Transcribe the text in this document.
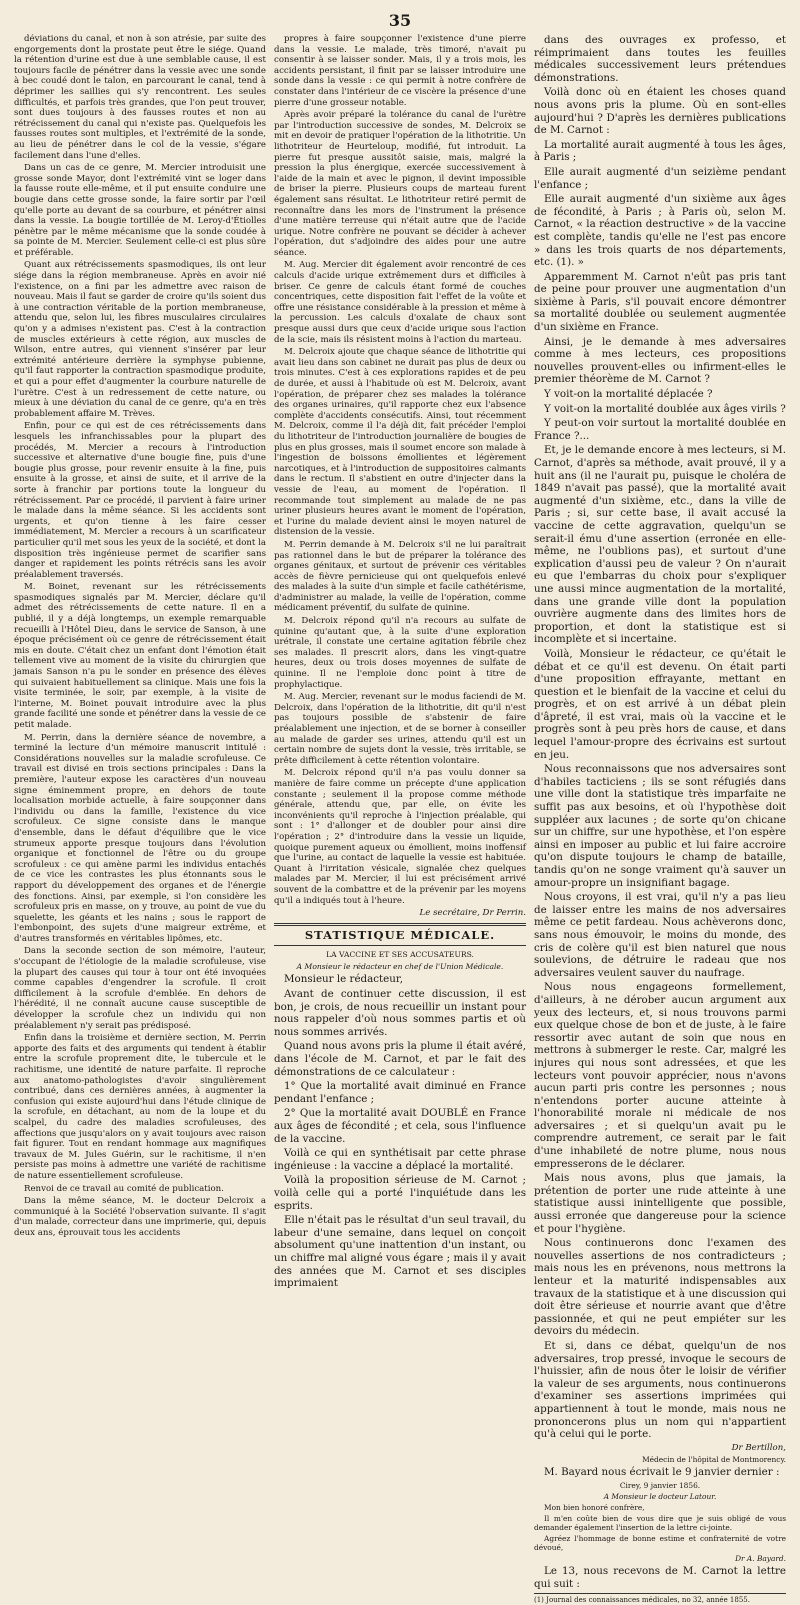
35

déviations du canal, et non à son atrésie, par suite des engorgements dont la prostate peut être le siége. Quand la rétention d'urine est due à une semblable cause, il est toujours facile de pénétrer dans la vessie avec une sonde à bec coudé dont le talon, en parcourant le canal, tend à déprimer les saillies qui s'y rencontrent. Les seules difficultés, et parfois très grandes, que l'on peut trouver, sont dues toujours à des fausses routes et non au rétrécissement du canal qui n'existe pas. Quelquefois les fausses routes sont multiples, et l'extrémité de la sonde, au lieu de pénétrer dans le col de la vessie, s'égare facilement dans l'une d'elles.

Dans un cas de ce genre, M. Mercier introduisit une grosse sonde Mayor, dont l'extrémité vint se loger dans la fausse route elle-même, et il put ensuite conduire une bougie dans cette grosse sonde, la faire sortir par l'œil qu'elle porte au devant de sa courbure, et pénétrer ainsi dans la vessie. La bougie tortillée de M. Leroy-d'Étiolles pénètre par le même mécanisme que la sonde coudée à sa pointe de M. Mercier. Seulement celle-ci est plus sûre et préférable.

Quant aux rétrécissements spasmodiques, ils ont leur siége dans la région membraneuse. Après en avoir nié l'existence, on a fini par les admettre avec raison de nouveau. Mais il faut se garder de croire qu'ils soient dus à une contraction véritable de la portion membraneuse, attendu que, selon lui, les fibres musculaires circulaires qu'on y a admises n'existent pas. C'est à la contraction de muscles extérieurs à cette région, aux muscles de Wilson, entre autres, qui viennent s'insérer par leur extrémité antérieure derrière la symphyse pubienne, qu'il faut rapporter la contraction spasmodique produite, et qui a pour effet d'augmenter la courbure naturelle de l'urètre. C'est à un redressement de cette nature, ou mieux à une déviation du canal de ce genre, qu'a en très probablement affaire M. Trèves.

Enfin, pour ce qui est de ces rétrécissements dans lesquels les infranchissables pour la plupart des procédés, M. Mercier a recours à l'introduction successive et alternative d'une bougie fine, puis d'une bougie plus grosse, pour revenir ensuite à la fine, puis ensuite à la grosse, et ainsi de suite, et il arrive de la sorte à franchir par portions toute la longueur du rétrécissement. Par ce procédé, il parvient à faire uriner le malade dans la même séance. Si les accidents sont urgents, et qu'on tienne à les faire cesser immédiatement, M. Mercier a recours à un scarificateur particulier qu'il met sous les yeux de la société, et dont la disposition très ingénieuse permet de scarifier sans danger et rapidement les points rétrécis sans les avoir préalablement traversés.

M. Boinet, revenant sur les rétrécissements spasmodiques signalés par M. Mercier, déclare qu'il admet des rétrécissements de cette nature. Il en a publié, il y a déjà longtemps, un exemple remarquable recueilli à l'Hôtel Dieu, dans le service de Sanson, à une époque précisément où ce genre de rétrécissement était mis en doute. C'était chez un enfant dont l'émotion était tellement vive au moment de la visite du chirurgien que jamais Sanson n'a pu le sonder en présence des élèves qui suivaient habituellement sa clinique. Mais une fois la visite terminée, le soir, par exemple, à la visite de l'interne, M. Boinet pouvait introduire avec la plus grande facilité une sonde et pénétrer dans la vessie de ce petit malade.

M. Perrin, dans la dernière séance de novembre, a terminé la lecture d'un mémoire manuscrit intitulé : Considérations nouvelles sur la maladie scrofuleuse. Ce travail est divisé en trois sections principales : Dans la première, l'auteur expose les caractères d'un nouveau signe éminemment propre, en dehors de toute localisation morbide actuelle, à faire soupçonner dans l'individu ou dans la famille, l'existence du vice scrofuleux. Ce signe consiste dans le manque d'ensemble, dans le défaut d'équilibre que le vice strumeux apporte presque toujours dans l'évolution organique et fonctionnel de l'être ou du groupe scrofuleux : ce qui amène parmi les individus entachés de ce vice les contrastes les plus étonnants sous le rapport du développement des organes et de l'énergie des fonctions. Ainsi, par exemple, si l'on considère les scrofuleux pris en masse, on y trouve, au point de vue du squelette, les géants et les nains ; sous le rapport de l'embonpoint, des sujets d'une maigreur extrême, et d'autres transformés en véritables lipômes, etc.

Dans la seconde section de son mémoire, l'auteur, s'occupant de l'étiologie de la maladie scrofuleuse, vise la plupart des causes qui tour à tour ont été invoquées comme capables d'engendrer la scrofule. Il croit difficilement à la scrofule d'emblée. En dehors de l'hérédité, il ne connaît aucune cause susceptible de développer la scrofule chez un individu qui non préalablement n'y serait pas prédisposé.

Enfin dans la troisième et dernière section, M. Perrin apporte des faits et des arguments qui tendent à établir entre la scrofule proprement dite, le tubercule et le rachitisme, une identité de nature parfaite. Il reproche aux anatomo-pathologistes d'avoir singulièrement contribué, dans ces dernières années, à augmenter la confusion qui existe aujourd'hui dans l'étude clinique de la scrofule, en détachant, au nom de la loupe et du scalpel, du cadre des maladies scrofuleuses, des affections que jusqu'alors on y avait toujours avec raison fait figurer. Tout en rendant hommage aux magnifiques travaux de M. Jules Guérin, sur le rachitisme, il n'en persiste pas moins à admettre une variété de rachitisme de nature essentiellement scrofuleuse.

Renvoi de ce travail au comité de publication.

Dans la même séance, M. le docteur Delcroix a communiqué à la Société l'observation suivante. Il s'agit d'un malade, correcteur dans une imprimerie, qui, depuis deux ans, éprouvait tous les accidents

propres à faire soupçonner l'existence d'une pierre dans la vessie. Le malade, très timoré, n'avait pu consentir à se laisser sonder. Mais, il y a trois mois, les accidents persistant, il finit par se laisser introduire une sonde dans la vessie : ce qui permit à notre confrère de constater dans l'intérieur de ce viscère la présence d'une pierre d'une grosseur notable.

Après avoir préparé la tolérance du canal de l'urètre par l'introduction successive de sondes, M. Delcroix se mit en devoir de pratiquer l'opération de la lithotritie. Un lithotriteur de Heurteloup, modifié, fut introduit. La pierre fut presque aussitôt saisie, mais, malgré la pression la plus énergique, exercée successivement à l'aide de la main et avec le pignon, il devint impossible de briser la pierre. Plusieurs coups de marteau furent également sans résultat. Le lithotriteur retiré permit de reconnaître dans les mors de l'instrument la présence d'une matière terreuse qui n'était autre que de l'acide urique. Notre confrère ne pouvant se décider à achever l'opération, dut s'adjoindre des aides pour une autre séance.

M. Aug. Mercier dit également avoir rencontré de ces calculs d'acide urique extrêmement durs et difficiles à briser. Ce genre de calculs étant formé de couches concentriques, cette disposition fait l'effet de la voûte et offre une résistance considérable à la pression et même à la percussion. Les calculs d'oxalate de chaux sont presque aussi durs que ceux d'acide urique sous l'action de la scie, mais ils résistent moins à l'action du marteau.

M. Delcroix ajoute que chaque séance de lithotritie qui avait lieu dans son cabinet ne durait pas plus de deux ou trois minutes. C'est à ces explorations rapides et de peu de durée, et aussi à l'habitude où est M. Delcroix, avant l'opération, de préparer chez ses malades la tolérance des organes urinaires, qu'il rapporte chez eux l'absence complète d'accidents consécutifs. Ainsi, tout récemment M. Delcroix, comme il l'a déjà dit, fait précéder l'emploi du lithotriteur de l'introduction journalière de bougies de plus en plus grosses, mais il soumet encore son malade à l'ingestion de boissons émollientes et légèrement narcotiques, et à l'introduction de suppositoires calmants dans le rectum. Il s'abstient en outre d'injecter dans la vessie de l'eau, au moment de l'opération. Il recommande tout simplement au malade de ne pas uriner plusieurs heures avant le moment de l'opération, et l'urine du malade devient ainsi le moyen naturel de distension de la vessie.

M. Perrin demande à M. Delcroix s'il ne lui paraîtrait pas rationnel dans le but de préparer la tolérance des organes génitaux, et surtout de prévenir ces véritables accès de fièvre pernicieuse qui ont quelquefois enlevé des malades à la suite d'un simple et facile cathétérisme, d'administrer au malade, la veille de l'opération, comme médicament préventif, du sulfate de quinine.

M. Delcroix répond qu'il n'a recours au sulfate de quinine qu'autant que, à la suite d'une exploration urétrale, il constate une certaine agitation fébrile chez ses malades. Il prescrit alors, dans les vingt-quatre heures, deux ou trois doses moyennes de sulfate de quinine. Il ne l'emploie donc point à titre de prophylactique.

M. Aug. Mercier, revenant sur le modus faciendi de M. Delcroix, dans l'opération de la lithotritie, dit qu'il n'est pas toujours possible de s'abstenir de faire préalablement une injection, et de se borner à conseiller au malade de garder ses urines, attendu qu'il est un certain nombre de sujets dont la vessie, très irritable, se prête difficilement à cette rétention volontaire.

M. Delcroix répond qu'il n'a pas voulu donner sa manière de faire comme un précepte d'une application constante ; seulement il la propose comme méthode générale, attendu que, par elle, on évite les inconvénients qu'il reproche à l'injection préalable, qui sont : 1° d'allonger et de doubler pour ainsi dire l'opération ; 2° d'introduire dans la vessie un liquide, quoique purement aqueux ou émollient, moins inoffensif que l'urine, au contact de laquelle la vessie est habituée. Quant à l'irritation vésicale, signalée chez quelques malades par M. Mercier, il lui est précisément arrivé souvent de la combattre et de la prévenir par les moyens qu'il a indiqués tout à l'heure.

Le secrétaire, Dr Perrin.

STATISTIQUE MÉDICALE.
LA VACCINE ET SES ACCUSATEURS.
A Monsieur le rédacteur en chef de l'Union Médicale.

Monsieur le rédacteur,

Avant de continuer cette discussion, il est bon, je crois, de nous recueillir un instant pour nous rappeler d'où nous sommes partis et où nous sommes arrivés.

Quand nous avons pris la plume il était avéré, dans l'école de M. Carnot, et par le fait des démonstrations de ce calculateur :

1° Que la mortalité avait diminué en France pendant l'enfance ;

2° Que la mortalité avait DOUBLÉ en France aux âges de fécondité ; et cela, sous l'influence de la vaccine.

Voilà ce qui en synthétisait par cette phrase ingénieuse : la vaccine a déplacé la mortalité.

Voilà la proposition sérieuse de M. Carnot ; voilà celle qui a porté l'inquiétude dans les esprits.

Elle n'était pas le résultat d'un seul travail, du labeur d'une semaine, dans lequel on conçoit absolument qu'une inattention d'un instant, ou un chiffre mal aligné vous égare ; mais il y avait des années que M. Carnot et ses disciples imprimaient

dans des ouvrages ex professo, et réimprimaient dans toutes les feuilles médicales successivement leurs prétendues démonstrations.

Voilà donc où en étaient les choses quand nous avons pris la plume. Où en sont-elles aujourd'hui ? D'après les dernières publications de M. Carnot :

La mortalité aurait augmenté à tous les âges, à Paris ;

Elle aurait augmenté d'un seizième pendant l'enfance ;

Elle aurait augmenté d'un sixième aux âges de fécondité, à Paris ; à Paris où, selon M. Carnot, « la réaction destructive » de la vaccine est complète, tandis qu'elle ne l'est pas encore » dans les trois quarts de nos départements, etc. (1). »

Apparemment M. Carnot n'eût pas pris tant de peine pour prouver une augmentation d'un sixième à Paris, s'il pouvait encore démontrer sa mortalité doublée ou seulement augmentée d'un sixième en France.

Ainsi, je le demande à mes adversaires comme à mes lecteurs, ces propositions nouvelles prouvent-elles ou infirment-elles le premier théorème de M. Carnot ?

Y voit-on la mortalité déplacée ?

Y voit-on la mortalité doublée aux âges virils ?

Y peut-on voir surtout la mortalité doublée en France ?...

Et, je le demande encore à mes lecteurs, si M. Carnot, d'après sa méthode, avait prouvé, il y a huit ans (il ne l'aurait pu, puisque le choléra de 1849 n'avait pas passé), que la mortalité avait augmenté d'un sixième, etc., dans la ville de Paris ; si, sur cette base, il avait accusé la vaccine de cette aggravation, quelqu'un se serait-il ému d'une assertion (erronée en elle-même, ne l'oublions pas), et surtout d'une explication d'aussi peu de valeur ? On n'aurait eu que l'embarras du choix pour s'expliquer une aussi mince augmentation de la mortalité, dans une grande ville dont la population ouvrière augmente dans des limites hors de proportion, et dont la statistique est si incomplète et si incertaine.

Voilà, Monsieur le rédacteur, ce qu'était le débat et ce qu'il est devenu. On était parti d'une proposition effrayante, mettant en question et le bienfait de la vaccine et celui du progrès, et on est arrivé à un débat plein d'âpreté, il est vrai, mais où la vaccine et le progrès sont à peu près hors de cause, et dans lequel l'amour-propre des écrivains est surtout en jeu.

Nous reconnaissons que nos adversaires sont d'habiles tacticiens ; ils se sont réfugiés dans une ville dont la statistique très imparfaite ne suffit pas aux besoins, et où l'hypothèse doit suppléer aux lacunes ; de sorte qu'on chicane sur un chiffre, sur une hypothèse, et l'on espère ainsi en imposer au public et lui faire accroire qu'on dispute toujours le champ de bataille, tandis qu'on ne songe vraiment qu'à sauver un amour-propre un insignifiant bagage.

Nous croyons, il est vrai, qu'il n'y a pas lieu de laisser entre les mains de nos adversaires même ce petit fardeau. Nous achèverons donc, sans nous émouvoir, le moins du monde, des cris de colère qu'il est bien naturel que nous soulevions, de détruire le radeau que nos adversaires veulent sauver du naufrage.

Nous nous engageons formellement, d'ailleurs, à ne dérober aucun argument aux yeux des lecteurs, et, si nous trouvons parmi eux quelque chose de bon et de juste, à le faire ressortir avec autant de soin que nous en mettrons à submerger le reste. Car, malgré les injures qui nous sont adressées, et que les lecteurs vont pouvoir apprécier, nous n'avons aucun parti pris contre les personnes ; nous n'entendons porter aucune atteinte à l'honorabilité morale ni médicale de nos adversaires ; et si quelqu'un avait pu le comprendre autrement, ce serait par le fait d'une inhabileté de notre plume, nous nous empresserons de le déclarer.

Mais nous avons, plus que jamais, la prétention de porter une rude atteinte à une statistique aussi inintelligente que possible, aussi erronée que dangereuse pour la science et pour l'hygiène.

Nous continuerons donc l'examen des nouvelles assertions de nos contradicteurs ; mais nous les en prévenons, nous mettrons la lenteur et la maturité indispensables aux travaux de la statistique et à une discussion qui doit être sérieuse et nourrie avant que d'être passionnée, et qui ne peut empiéter sur les devoirs du médecin.

Et si, dans ce débat, quelqu'un de nos adversaires, trop pressé, invoque le secours de l'huissier, afin de nous ôter le loisir de vérifier la valeur de ses arguments, nous continuerons d'examiner ses assertions imprimées qui appartiennent à tout le monde, mais nous ne prononcerons plus un nom qui n'appartient qu'à celui qui le porte.

Dr Bertillon,

Médecin de l'hôpital de Montmorency.

M. Bayard nous écrivait le 9 janvier dernier :

Cirey, 9 janvier 1856.

A Monsieur le docteur Latour.

Mon bien honoré confrère,

Il m'en coûte bien de vous dire que je suis obligé de vous demander également l'insertion de la lettre ci-jointe.

Agréez l'hommage de bonne estime et confraternité de votre dévoué,

Dr A. Bayard.

Le 13, nous recevons de M. Carnot la lettre qui suit :

(1) Journal des connaissances médicales, no 32, année 1855.
